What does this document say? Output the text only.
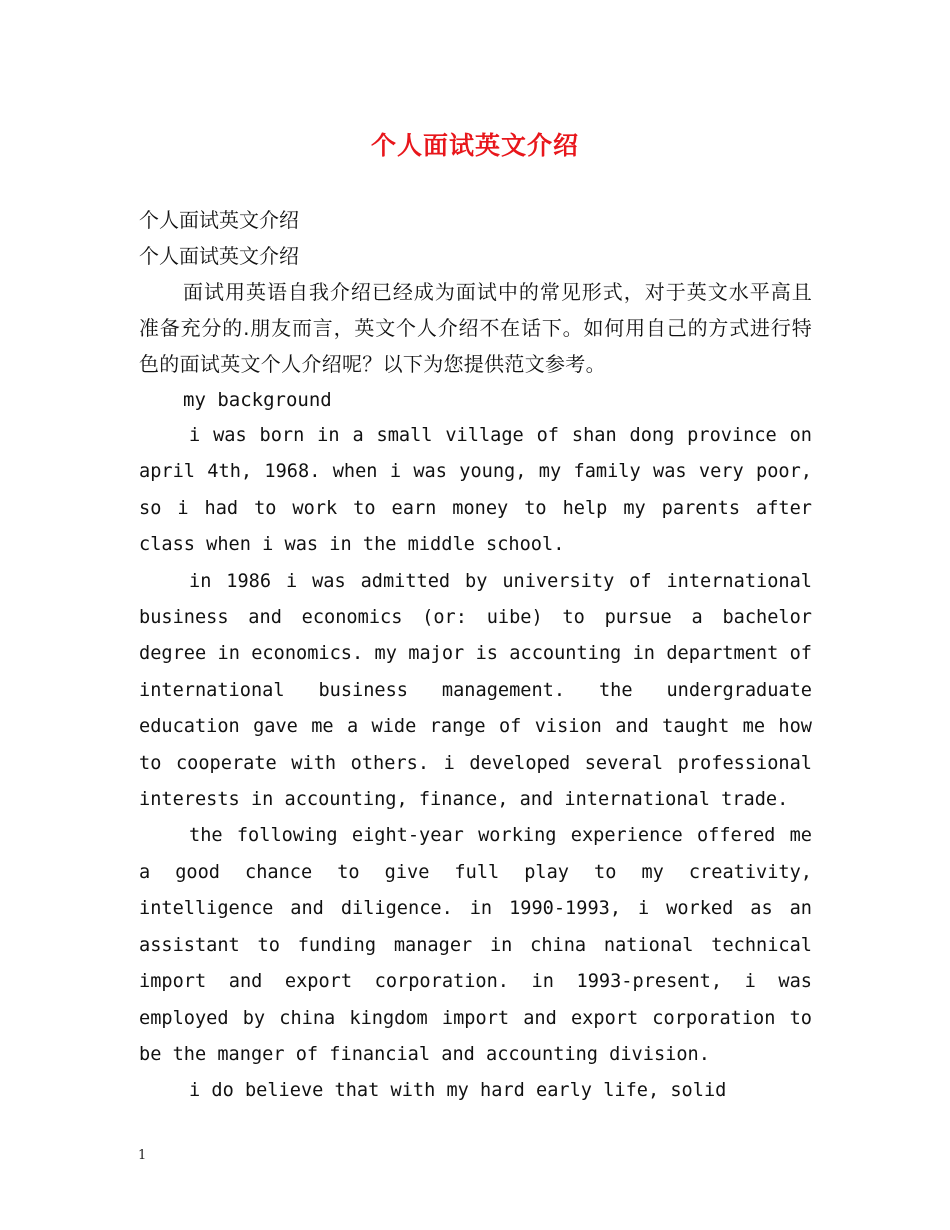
个人面试英文介绍
个人面试英文介绍
个人面试英文介绍
面试用英语自我介绍已经成为面试中的常见形式，对于英文水平高且准备充分的.朋友而言，英文个人介绍不在话下。如何用自己的方式进行特色的面试英文个人介绍呢？以下为您提供范文参考。
my background

i was born in a small village of shan dong province on april 4th, 1968. when i was young, my family was very poor, so i had to work to earn money to help my parents after class when i was in the middle school.

in 1986 i was admitted by university of international business and economics (or: uibe) to pursue a bachelor degree in economics. my major is accounting in department of international business management. the undergraduate education gave me a wide range of vision and taught me how to cooperate with others. i developed several professional interests in accounting, finance, and international trade.

the following eight-year working experience offered me a good chance to give full play to my creativity, intelligence and diligence. in 1990-1993, i worked as an assistant to funding manager in china national technical import and export corporation. in 1993-present, i was employed by china kingdom import and export corporation to be the manger of financial and accounting division.

i do believe that with my hard early life, solid

1
